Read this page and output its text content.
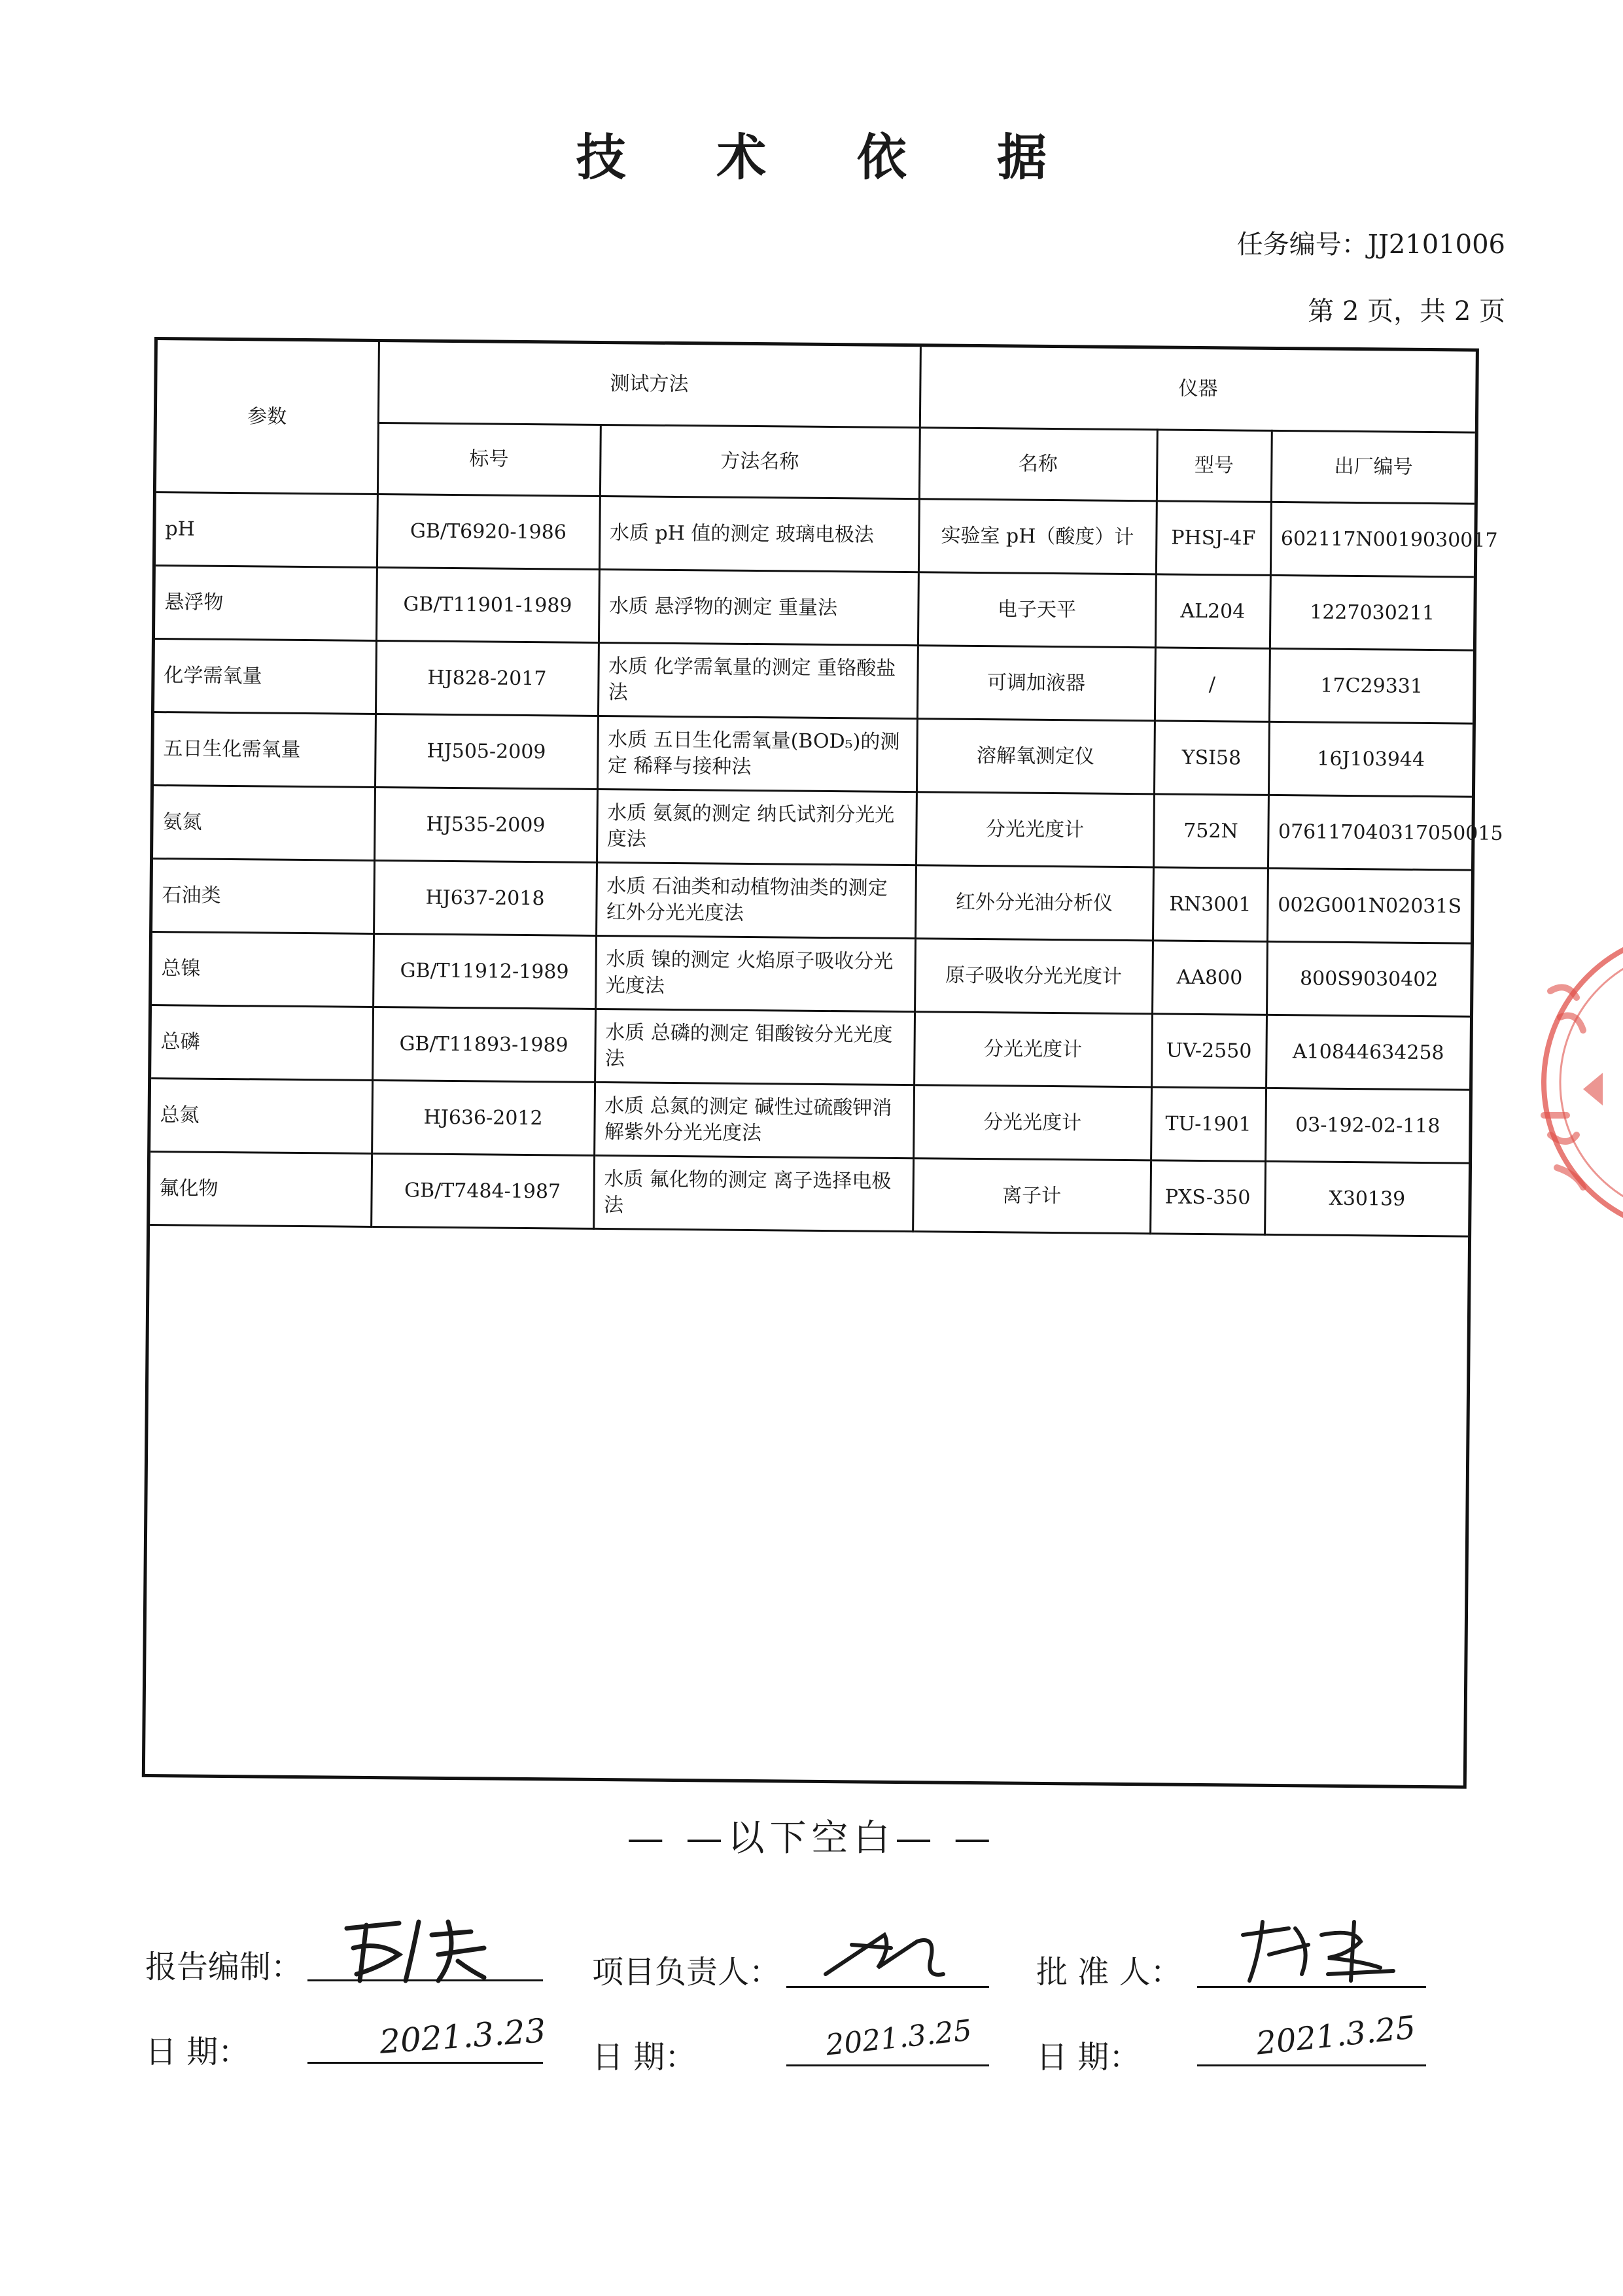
技 术 依 据
任务编号：JJ2101006
第 2 页，共 2 页
参数	测试方法		仪器		
	标号	方法名称	名称	型号	出厂编号
pH	GB/T6920-1986	水质 pH 值的测定 玻璃电极法	实验室 pH（酸度）计	PHSJ-4F	602117N0019030017
悬浮物	GB/T11901-1989	水质 悬浮物的测定 重量法	电子天平	AL204	1227030211
化学需氧量	HJ828-2017	水质 化学需氧量的测定 重铬酸盐法	可调加液器	/	17C29331
五日生化需氧量	HJ505-2009	水质 五日生化需氧量(BOD₅)的测定 稀释与接种法	溶解氧测定仪	YSI58	16J103944
氨氮	HJ535-2009	水质 氨氮的测定 纳氏试剂分光光度法	分光光度计	752N	076117040317050015
石油类	HJ637-2018	水质 石油类和动植物油类的测定 红外分光光度法	红外分光油分析仪	RN3001	002G001N02031S
总镍	GB/T11912-1989	水质 镍的测定 火焰原子吸收分光光度法	原子吸收分光光度计	AA800	800S9030402
总磷	GB/T11893-1989	水质 总磷的测定 钼酸铵分光光度法	分光光度计	UV-2550	A10844634258
总氮	HJ636-2012	水质 总氮的测定 碱性过硫酸钾消解紫外分光光度法	分光光度计	TU-1901	03-192-02-118
氟化物	GB/T7484-1987	水质 氟化物的测定 离子选择电极法	离子计	PXS-350	X30139
— —以下空白— —
报告编制：	项目负责人：	批 准 人：
日 期：	2021.3.23 日 期：	2021.3.25 日 期：	2021.3.25
